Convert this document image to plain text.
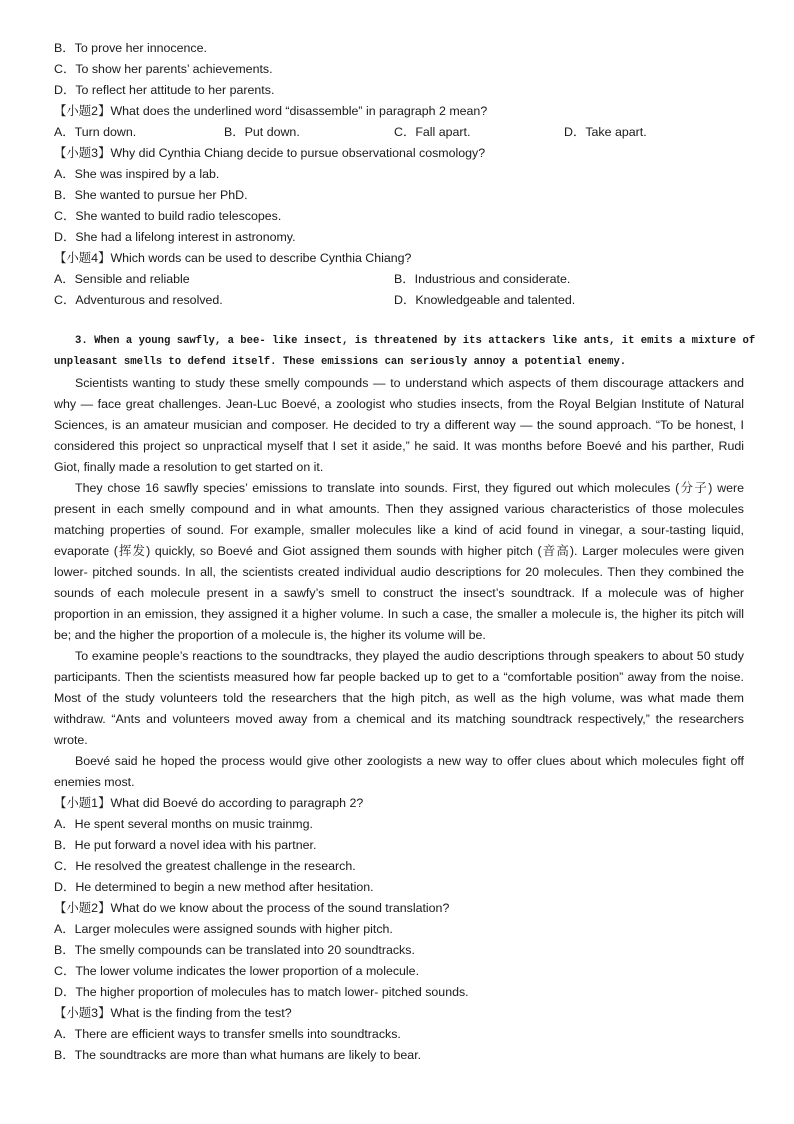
B．To prove her innocence.
C．To show her parents’ achievements.
D．To reflect her attitude to her parents.
【小题2】What does the underlined word “disassemble” in paragraph 2 mean?
A．Turn down.	B．Put down.	C．Fall apart.	D．Take apart.
【小题3】Why did Cynthia Chiang decide to pursue observational cosmology?
A．She was inspired by a lab.
B．She wanted to pursue her PhD.
C．She wanted to build radio telescopes.
D．She had a lifelong interest in astronomy.
【小题4】Which words can be used to describe Cynthia Chiang?
A．Sensible and reliable	B．Industrious and considerate.
C．Adventurous and resolved.	D．Knowledgeable and talented.
3. When a young sawfly, a bee- like insect, is threatened by its attackers like ants, it emits a mixture of
unpleasant smells to defend itself. These emissions can seriously annoy a potential enemy.
Scientists wanting to study these smelly compounds — to understand which aspects of them discourage attackers and why — face great challenges. Jean-Luc Boevé, a zoologist who studies insects, from the Royal Belgian Institute of Natural Sciences, is an amateur musician and composer. He decided to try a different way — the sound approach. “To be honest, I considered this project so unpractical myself that I set it aside,” he said. It was months before Boevé and his parther, Rudi Giot, finally made a resolution to get started on it.
They chose 16 sawfly species’ emissions to translate into sounds. First, they figured out which molecules (分子) were present in each smelly compound and in what amounts. Then they assigned various characteristics of those molecules matching properties of sound. For example, smaller molecules like a kind of acid found in vinegar, a sour-tasting liquid, evaporate (挥发) quickly, so Boevé and Giot assigned them sounds with higher pitch (音高). Larger molecules were given lower- pitched sounds. In all, the scientists created individual audio descriptions for 20 molecules. Then they combined the sounds of each molecule present in a sawfy’s smell to construct the insect’s soundtrack. If a molecule was of higher proportion in an emission, they assigned it a higher volume. In such a case, the smaller a molecule is, the higher its pitch will be; and the higher the proportion of a molecule is, the higher its volume will be.
To examine people’s reactions to the soundtracks, they played the audio descriptions through speakers to about 50 study participants. Then the scientists measured how far people backed up to get to a “comfortable position” away from the noise. Most of the study volunteers told the researchers that the high pitch, as well as the high volume, was what made them withdraw. “Ants and volunteers moved away from a chemical and its matching soundtrack respectively,” the researchers wrote.
Boevé said he hoped the process would give other zoologists a new way to offer clues about which molecules fight off enemies most.
【小题1】What did Boevé do according to paragraph 2?
A．He spent several months on music trainmg.
B．He put forward a novel idea with his partner.
C．He resolved the greatest challenge in the research.
D．He determined to begin a new method after hesitation.
【小题2】What do we know about the process of the sound translation?
A．Larger molecules were assigned sounds with higher pitch.
B．The smelly compounds can be translated into 20 soundtracks.
C．The lower volume indicates the lower proportion of a molecule.
D．The higher proportion of molecules has to match lower- pitched sounds.
【小题3】What is the finding from the test?
A．There are efficient ways to transfer smells into soundtracks.
B．The soundtracks are more than what humans are likely to bear.
